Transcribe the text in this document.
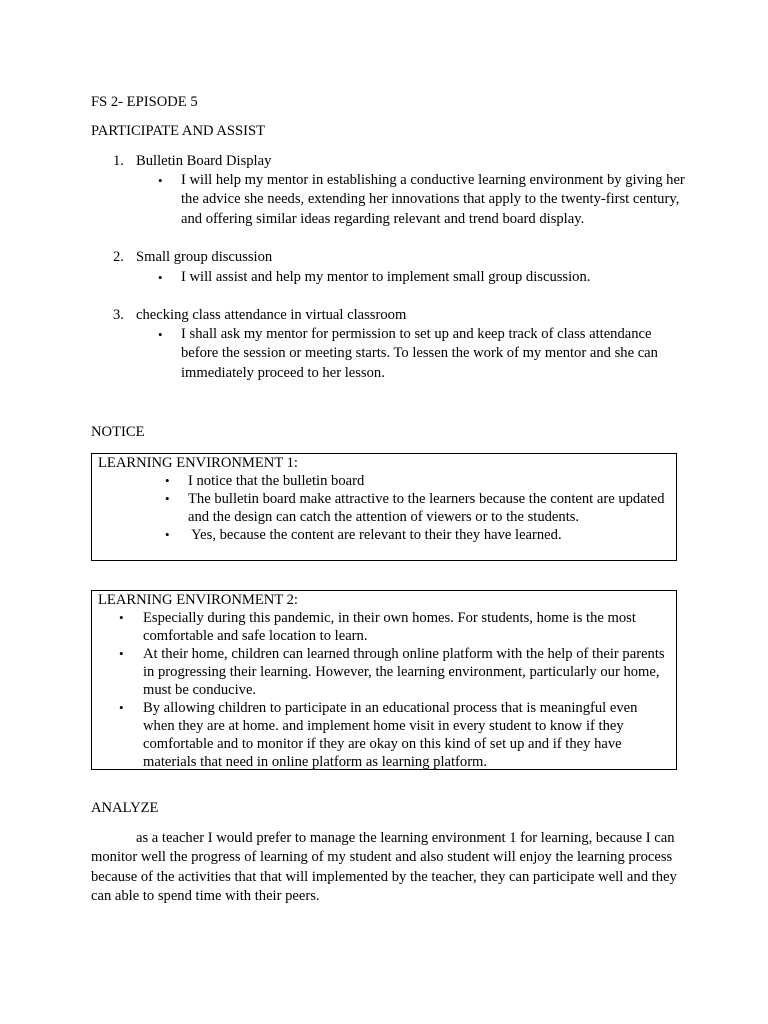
FS 2- EPISODE 5
PARTICIPATE AND ASSIST
1. Bulletin Board Display
• I will help my mentor in establishing a conductive learning environment by giving her the advice she needs, extending her innovations that apply to the twenty-first century, and offering similar ideas regarding relevant and trend board display.
2. Small group discussion
• I will assist and help my mentor to implement small group discussion.
3. checking class attendance in virtual classroom
• I shall ask my mentor for permission to set up and keep track of class attendance before the session or meeting starts. To lessen the work of my mentor and she can immediately proceed to her lesson.
NOTICE
LEARNING ENVIRONMENT 1:
• I notice that the bulletin board
• The bulletin board make attractive to the learners because the content are updated and the design can catch the attention of viewers or to the students.
• Yes, because the content are relevant to their they have learned.
LEARNING ENVIRONMENT 2:
• Especially during this pandemic, in their own homes. For students, home is the most comfortable and safe location to learn.
• At their home, children can learned through online platform with the help of their parents in progressing their learning. However, the learning environment, particularly our home, must be conducive.
• By allowing children to participate in an educational process that is meaningful even when they are at home. and implement home visit in every student to know if they comfortable and to monitor if they are okay on this kind of set up and if they have materials that need in online platform as learning platform.
ANALYZE
as a teacher I would prefer to manage the learning environment 1 for learning, because I can monitor well the progress of learning of my student and also student will enjoy the learning process because of the activities that that will implemented by the teacher, they can participate well and they can able to spend time with their peers.
